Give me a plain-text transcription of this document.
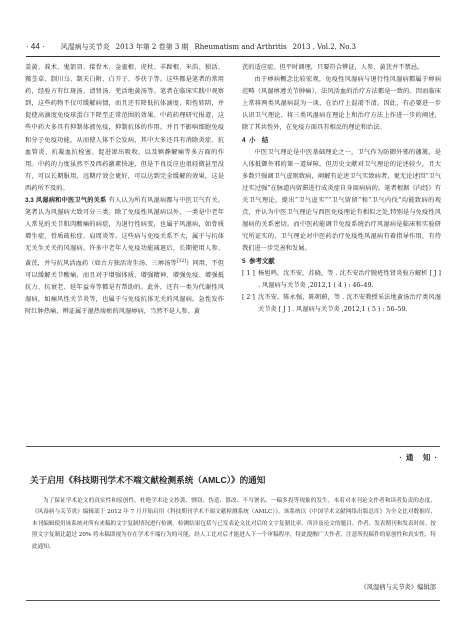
· 44 · 风湿病与关节炎 2013 年第 2 卷第 3 期 Rheumatism and Arthritis 2013 , Vol.2, No.3

姜黄、莪术、鬼箭羽、接骨木、金雀根、虎杖、羊蹄根、米浩、独活、豨莶草、制川乌、制天白附、白芥子、苓茯子等。这些都是笔者的常用药，经验方有红斑汤、清肾汤、羌活地黄汤等。笔者在临床实践中观察到，这些药物不仅可缓解病情，而且还有降低抗体滴度、阳性转阴，并促使高滴度免疫球蛋白下降至正常范围的效果。中药药理研究报道，这些中药大多具有抑制体液免疫，抑制抗体的作用。并且不影响细胞免疫和分子免疫功能，从而使人体不会发病，其中大多还具有消除炎症、抗血管炎、抗凝血抗栓塞、促进渗出吸收，以及镇静解痛等多方面的作用。中药的力度虽然不及西药激素快速，但是不良反应也很轻微甚至没有，可以长期服用，远期疗效会更好，可以达到完全缓解的效果，这是西药所不及的。

3.3 风湿病和中医卫气的关系 有人认为所有风湿病都与中医卫气有关。笔者认为风湿病大致可分三类。除了免疫性风湿病以外，一类是中老年人常见的关节肌肉酸痛的病症，为退行性病变，也属于风湿病，如骨质增生症、骨质疏松症、肩周炎等。这些病与免疫关系不大，属于与抗体无关生关关的风湿病。许多中老年人免疫功能减退后，长期使用人参、黄芪，并与抗风活血药（如古方独活寄生汤、三痹汤等[12]）同用，不但可以缓解关节酸痛，而且对于增强体质、增强精神、增强免疫、增强抵抗力、抗衰老、延年益寿等都是有帮助的。此外，还有一类为代谢性风湿病，如痛风性关节炎等，也属于与免疫抗体无关的风湿病。急性发作时红肿热痛，辨证属于湿热痰瘀的风湿痹病，当然不是人参、黄

芪的适应症。但平时调理，只要符合辨证，人参、黄芪并不禁忌。

由于痹病概念比较宏观，免疫性风湿病与退行性风湿病都属于痹病范畴（风湿痹遵关节肿痛），法风活血的治疗方法都是一致的。因而临床上常将两类风湿病混为一谈，在治疗上混淆不清。因此，有必要进一步认识卫气理论，将三类风湿病在理论上和治疗方法上作进一步的阐述，除了其共性外，在免疫方面具有相反的理论和治法。

4 小　结

中医卫气理论是中医基础理论之一，卫气作为防御外邪的藩篱，是人体抵御外邪的第一道屏障。但历史文献对卫气理论的论述较少，且大多数只强调卫气虚则致病，阐解有论述卫气实致病者，更无论述因“卫气过实过强”在脉道内留滞进行成炎症自身面病病的。笔者根据《内经》有关卫气理论，提出“卫气虚实”“卫气留留”和“卫气内伐”均能致病的观点，并认为中医卫气理论与西医免疫理论有相似之处,特别是与免疫性风湿病的关系密切。而中医药能调节免疫系统治疗风湿病是临床和实验研究所证实的。卫气理论对中医药治疗免疫性风湿病有着指导作用，有待我们进一步完善和发展。

5 参考文献

[ 1 ] 杨旭鸣，沈丕安，苏晓，等 . 沈丕安治疗脱疮性肾炎验方解析 [ J ] . 风湿病与关节炎 ,2012,1 ( 4 ) : 46–49.
[ 2 ] 沈丕安，陈永强，陈朝蔚，等 . 沈丕安教授采法地黄汤治疗类风湿关节炎 [ J ] . 风湿病与关节炎 ,2012,1 ( 5 ) : 56–59.
· 通　知 ·
关于启用《科技期刊学术不端文献检测系统（AMLC）》的通知
为了保证学术论文的真实性和原创性，杜绝学术论文抄袭、剽窃、伪造、篡改、不当署名、一稿多投等现象的发生，本着对本刊论文作者和读者负责的态度，《风湿病与关节炎》编辑部于 2012 年 7 月开始启用《科技期刊学术不端文献检测系统（AMLC）》，该系统以《中国学术文献网络出版总库》为全文比对数据库，本刊编辑使用该系统对所有来稿的文字复制情况进行检测，检测结果包括与已发表论文比对后的文字复制比率，所涉及论文的题目、作者、发表期刊和发表时间。按照文字复制比超过 20% 将未稿即视为存在学术不端行为的可能，经人工比对后才能进入下一个审稿程序，特此提醒广大作者，注意所投稿件的原创性和真实性，特此通知。
《风湿病与关节炎》编辑部
